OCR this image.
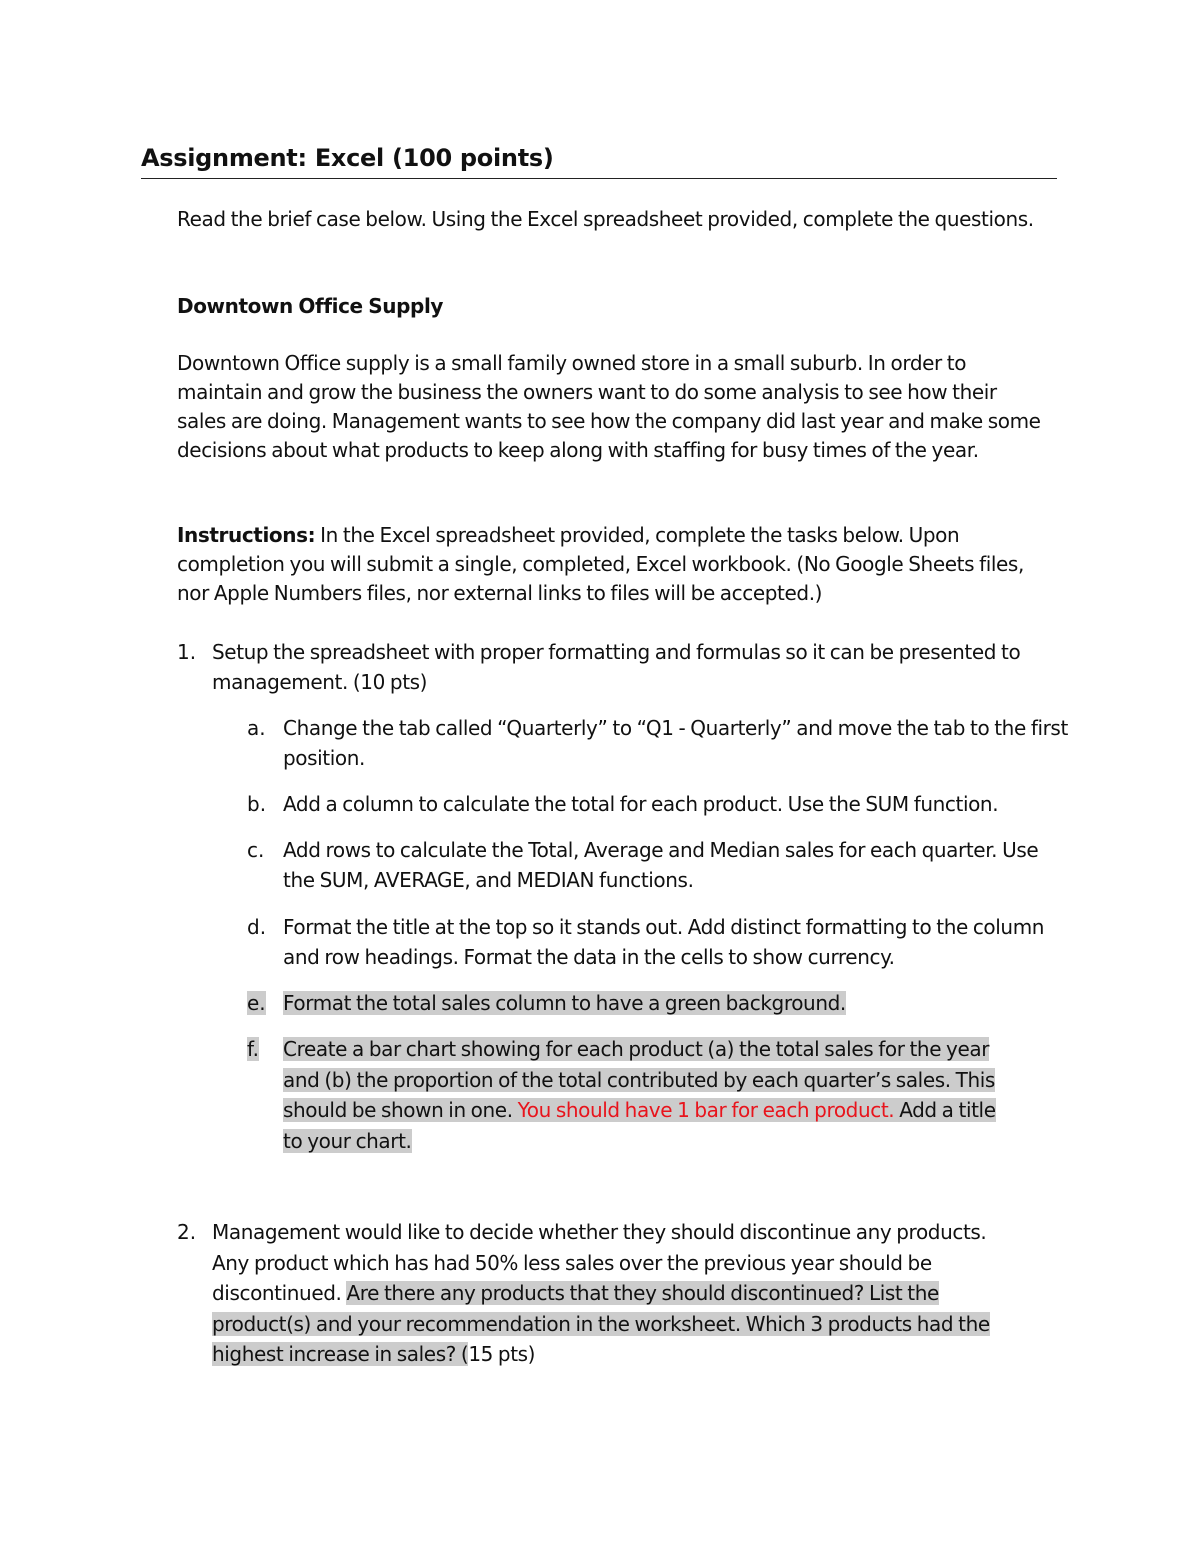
Assignment: Excel (100 points)
Read the brief case below. Using the Excel spreadsheet provided, complete the questions.
Downtown Office Supply
Downtown Office supply is a small family owned store in a small suburb. In order to maintain and grow the business the owners want to do some analysis to see how their sales are doing. Management wants to see how the company did last year and make some decisions about what products to keep along with staffing for busy times of the year.
Instructions: In the Excel spreadsheet provided, complete the tasks below. Upon completion you will submit a single, completed, Excel workbook. (No Google Sheets files, nor Apple Numbers files, nor external links to files will be accepted.)
1. Setup the spreadsheet with proper formatting and formulas so it can be presented to management. (10 pts)
a. Change the tab called “Quarterly” to “Q1 - Quarterly” and move the tab to the first position.
b. Add a column to calculate the total for each product. Use the SUM function.
c. Add rows to calculate the Total, Average and Median sales for each quarter. Use the SUM, AVERAGE, and MEDIAN functions.
d. Format the title at the top so it stands out. Add distinct formatting to the column and row headings. Format the data in the cells to show currency.
e. Format the total sales column to have a green background.
f. Create a bar chart showing for each product (a) the total sales for the year
and (b) the proportion of the total contributed by each quarter’s sales. This
should be shown in one. You should have 1 bar for each product. Add a title
to your chart.
2. Management would like to decide whether they should discontinue any products.
Any product which has had 50% less sales over the previous year should be
discontinued. Are there any products that they should discontinued? List the
product(s) and your recommendation in the worksheet. Which 3 products had the
highest increase in sales? (15 pts)
